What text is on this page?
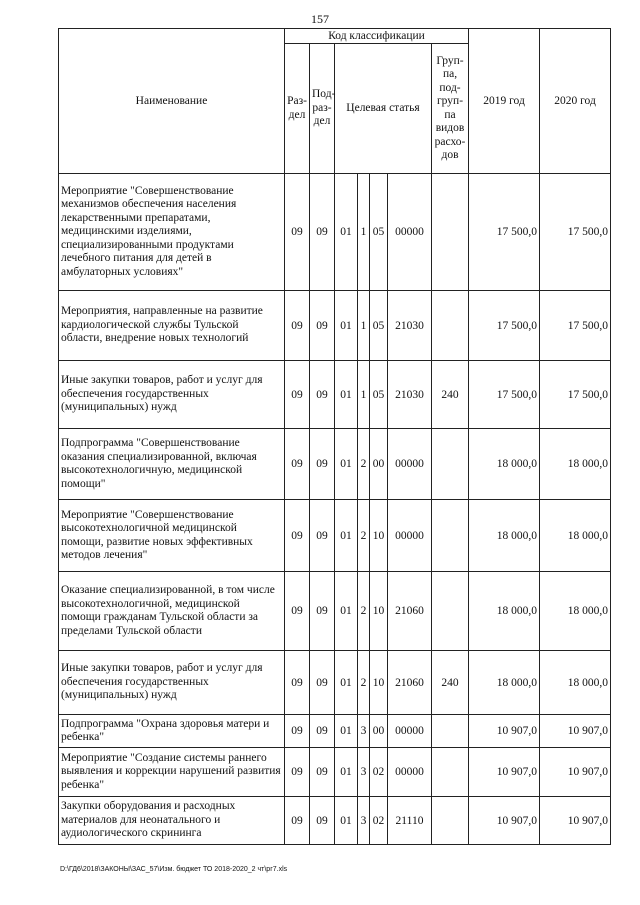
157
Наименование	Код классификации							2019 год	2020 год
	Раз-дел	Под-раз-дел	Целевая статья				Груп-па, под-груп-па видов расхо-дов		
Мероприятие "Совершенствование механизмов обеспечения населения лекарственными препаратами, медицинскими изделиями, специализированными продуктами лечебного питания для детей в амбулаторных условиях"	09	09	01	1	05	00000		17 500,0	17 500,0
Мероприятия, направленные на развитие кардиологической службы Тульской области, внедрение новых технологий	09	09	01	1	05	21030		17 500,0	17 500,0
Иные закупки товаров, работ и услуг для обеспечения государственных (муниципальных) нужд	09	09	01	1	05	21030	240	17 500,0	17 500,0
Подпрограмма "Совершенствование оказания специализированной, включая высокотехнологичную, медицинской помощи"	09	09	01	2	00	00000		18 000,0	18 000,0
Мероприятие "Совершенствование высокотехнологичной медицинской помощи, развитие новых эффективных методов лечения"	09	09	01	2	10	00000		18 000,0	18 000,0
Оказание специализированной, в том числе высокотехнологичной, медицинской помощи гражданам Тульской области за пределами Тульской области	09	09	01	2	10	21060		18 000,0	18 000,0
Иные закупки товаров, работ и услуг для обеспечения государственных (муниципальных) нужд	09	09	01	2	10	21060	240	18 000,0	18 000,0
Подпрограмма "Охрана здоровья матери и ребенка"	09	09	01	3	00	00000		10 907,0	10 907,0
Мероприятие "Создание системы раннего выявления и коррекции нарушений развития ребенка"	09	09	01	3	02	00000		10 907,0	10 907,0
Закупки оборудования и расходных материалов для неонатального и аудиологического скрининга	09	09	01	3	02	21110		10 907,0	10 907,0
D:\ГД6\2018\ЗАКОНЫ\ЗАС_57\Изм. бюджет ТО 2018-2020_2 чт\рг7.xls
